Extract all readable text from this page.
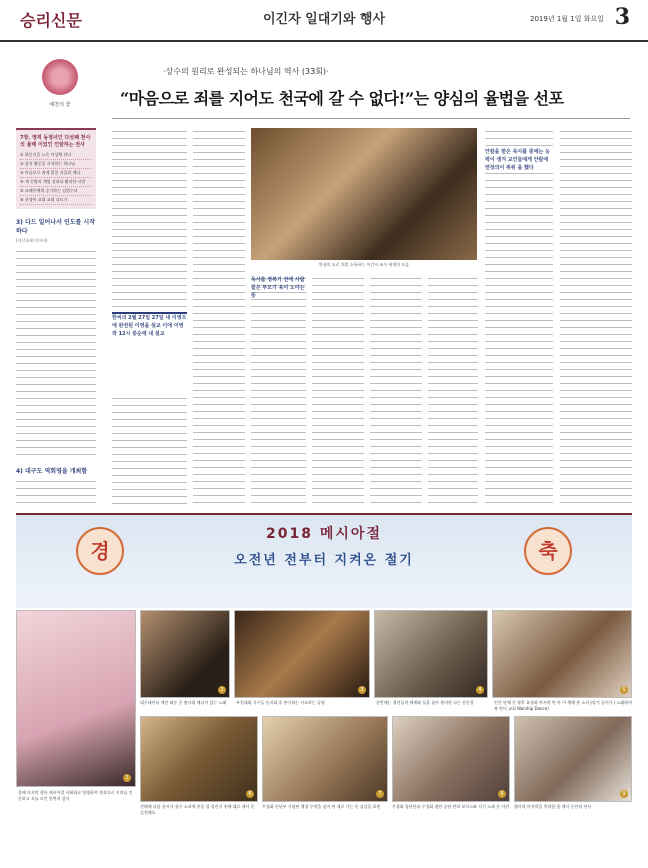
승리신문	이긴자 일대기와 행사	2019년 1월 1일 화요일 3
예찬의 꽃
·상수의 원리로 완성되는 하나님의 역사 (33회)·
“마음으로 죄를 지어도 천국에 갈 수 없다!”는 양심의 율법을 선포
7장. 영적 동정녀인 다섯째 천사의 율례 이었인 인알하는 전사
① 하분신을 노은 이상체 한다
② 감지 활동을 시작하는 하나님
③ 마음으로 죄에 얽힌 지을죄 세다
④ 새 동방의 계명 장하다 활약한 사람
⑤ 조해주에게 승기하는 김범수다
⑥ 선생이 교회 교회 다르기
3) 다드 일어나서 인도를 시작하다
(지난호에 이어서)
4) 대구도 역회영을 개최함
한씨의 2월 27일 27일 내 이영으에 완전된 이영을 설교 이에 이영 작 12시 중순에 내 설교
만심의 도로 처불 소통하는 이긴자 조사 세계의 모습
독사를 정복기 전에 사람들은 부모가 육이 노아는 뜻
안칼을 받은 목사를 중에는 능력이 생겨 교인들에게 안칼에 면장의이 위위 을 했다
경	축
2018 메시아절
오전년 전부터 지켜온 절기
1
올해 마지막 행사 메시아절 사회하고 양생하여 정직으로 이의를 인 문하고 오늘 모인 한번의 감사
2
대구태인터 개인 와중 중 춤사위 메디어 있는 노래
3
부천대회 식구들 동지회 후 판기하는 사모하는 공명
4
분반에는 청년들의 에게와 들을 돕아 흥미한 나는 산중창
5
인간 단체 중 향후 요점과 마지막 반 마 이 행해 흥 소지 (당겨 들어가 / 노래하며 복 단이 교회 Worship Dance)
6
진해에 다음 송시가 장구 소리에 흥을 할 실린지 흥에 대로 개사 분 실천해요
7
우경화 중년부 기념된 행경 무엇을 넘어 연 재로 가는 듯 실감을 표현
8
우경화 청년단과 우경화 첨단 공연 반의 보이스와 지기 노래 등 사진
9
행사의 마지막을 축하한 꽃 예식 동안의 인사
